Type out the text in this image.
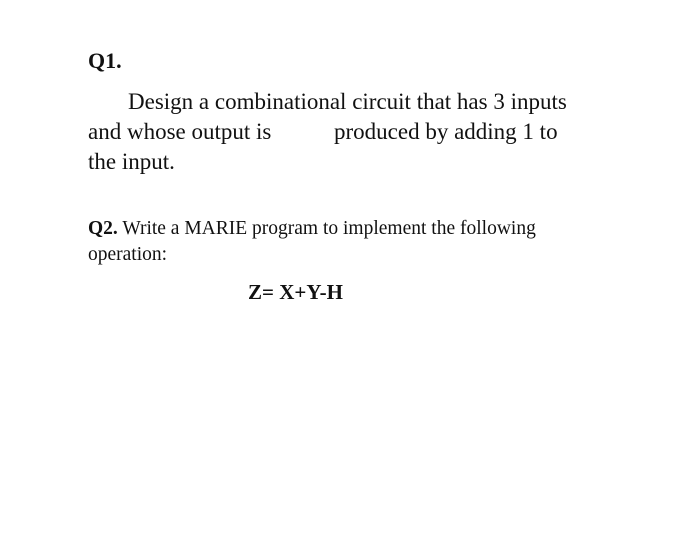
Q1.
Design a combinational circuit that has 3 inputs
and whose output is	produced by adding 1 to
the input.
Q2. Write a MARIE program to implement the following
operation:
Z= X+Y-H
